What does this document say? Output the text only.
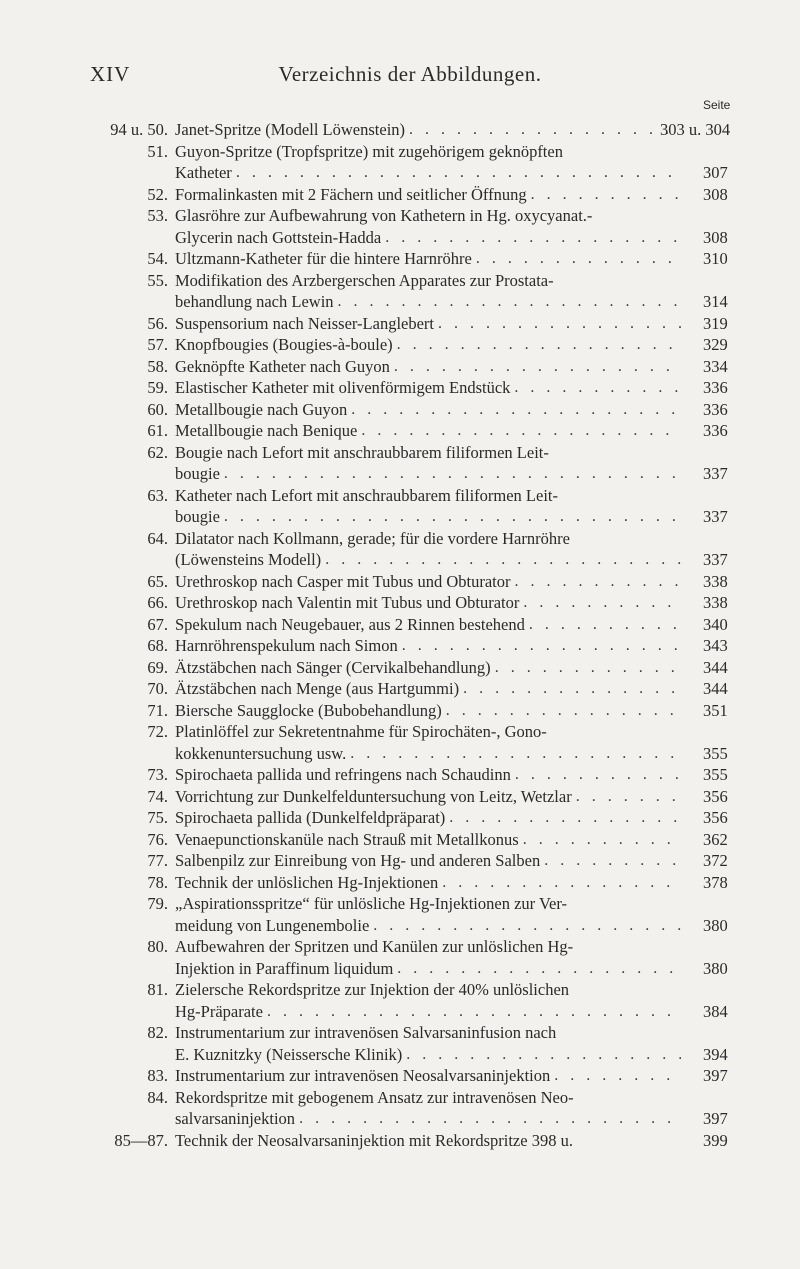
XIV	Verzeichnis der Abbildungen.
Seite
94 u. 50. Janet-Spritze (Modell Löwenstein) . . .	303 u. 304
51. Guyon-Spritze (Tropfspritze) mit zugehörigem geknöpften
Katheter . . .	307
52. Formalinkasten mit 2 Fächern und seitlicher Öffnung . . .	308
53. Glasröhre zur Aufbewahrung von Kathetern in Hg. oxycyanat.-
Glycerin nach Gottstein-Hadda . . .	308
54. Ultzmann-Katheter für die hintere Harnröhre . . .	310
55. Modifikation des Arzbergerschen Apparates zur Prostata-
behandlung nach Lewin . . .	314
56. Suspensorium nach Neisser-Langlebert . . .	319
57. Knopfbougies (Bougies-à-boule) . . .	329
58. Geknöpfte Katheter nach Guyon . . .	334
59. Elastischer Katheter mit olivenförmigem Endstück . . .	336
60. Metallbougie nach Guyon . . .	336
61. Metallbougie nach Benique . . .	336
62. Bougie nach Lefort mit anschraubbarem filiformen Leit-
bougie . . .	337
63. Katheter nach Lefort mit anschraubbarem filiformen Leit-
bougie . . .	337
64. Dilatator nach Kollmann, gerade; für die vordere Harnröhre
(Löwensteins Modell) . . .	337
65. Urethroskop nach Casper mit Tubus und Obturator . . .	338
66. Urethroskop nach Valentin mit Tubus und Obturator . . .	338
67. Spekulum nach Neugebauer, aus 2 Rinnen bestehend . . .	340
68. Harnröhrenspekulum nach Simon . . .	343
69. Ätzstäbchen nach Sänger (Cervikalbehandlung) . . .	344
70. Ätzstäbchen nach Menge (aus Hartgummi) . . .	344
71. Biersche Saugglocke (Bubobehandlung) . . .	351
72. Platinlöffel zur Sekretentnahme für Spirochäten-, Gono-
kokkenuntersuchung usw. . . .	355
73. Spirochaeta pallida und refringens nach Schaudinn . . .	355
74. Vorrichtung zur Dunkelfelduntersuchung von Leitz, Wetzlar . . .	356
75. Spirochaeta pallida (Dunkelfeldpräparat) . . .	356
76. Venaepunctionskanüle nach Strauß mit Metallkonus . . .	362
77. Salbenpilz zur Einreibung von Hg- und anderen Salben . . .	372
78. Technik der unlöslichen Hg-Injektionen . . .	378
79. „Aspirationsspritze“ für unlösliche Hg-Injektionen zur Ver-
meidung von Lungenembolie . . .	380
80. Aufbewahren der Spritzen und Kanülen zur unlöslichen Hg-
Injektion in Paraffinum liquidum . . .	380
81. Zielersche Rekordspritze zur Injektion der 40% unlöslichen
Hg-Präparate . . .	384
82. Instrumentarium zur intravenösen Salvarsaninfusion nach
E. Kuznitzky (Neissersche Klinik) . . .	394
83. Instrumentarium zur intravenösen Neosalvarsaninjektion . . .	397
84. Rekordspritze mit gebogenem Ansatz zur intravenösen Neo-
salvarsaninjektion . . .	397
85—87. Technik der Neosalvarsaninjektion mit Rekordspritze 398 u.	399
